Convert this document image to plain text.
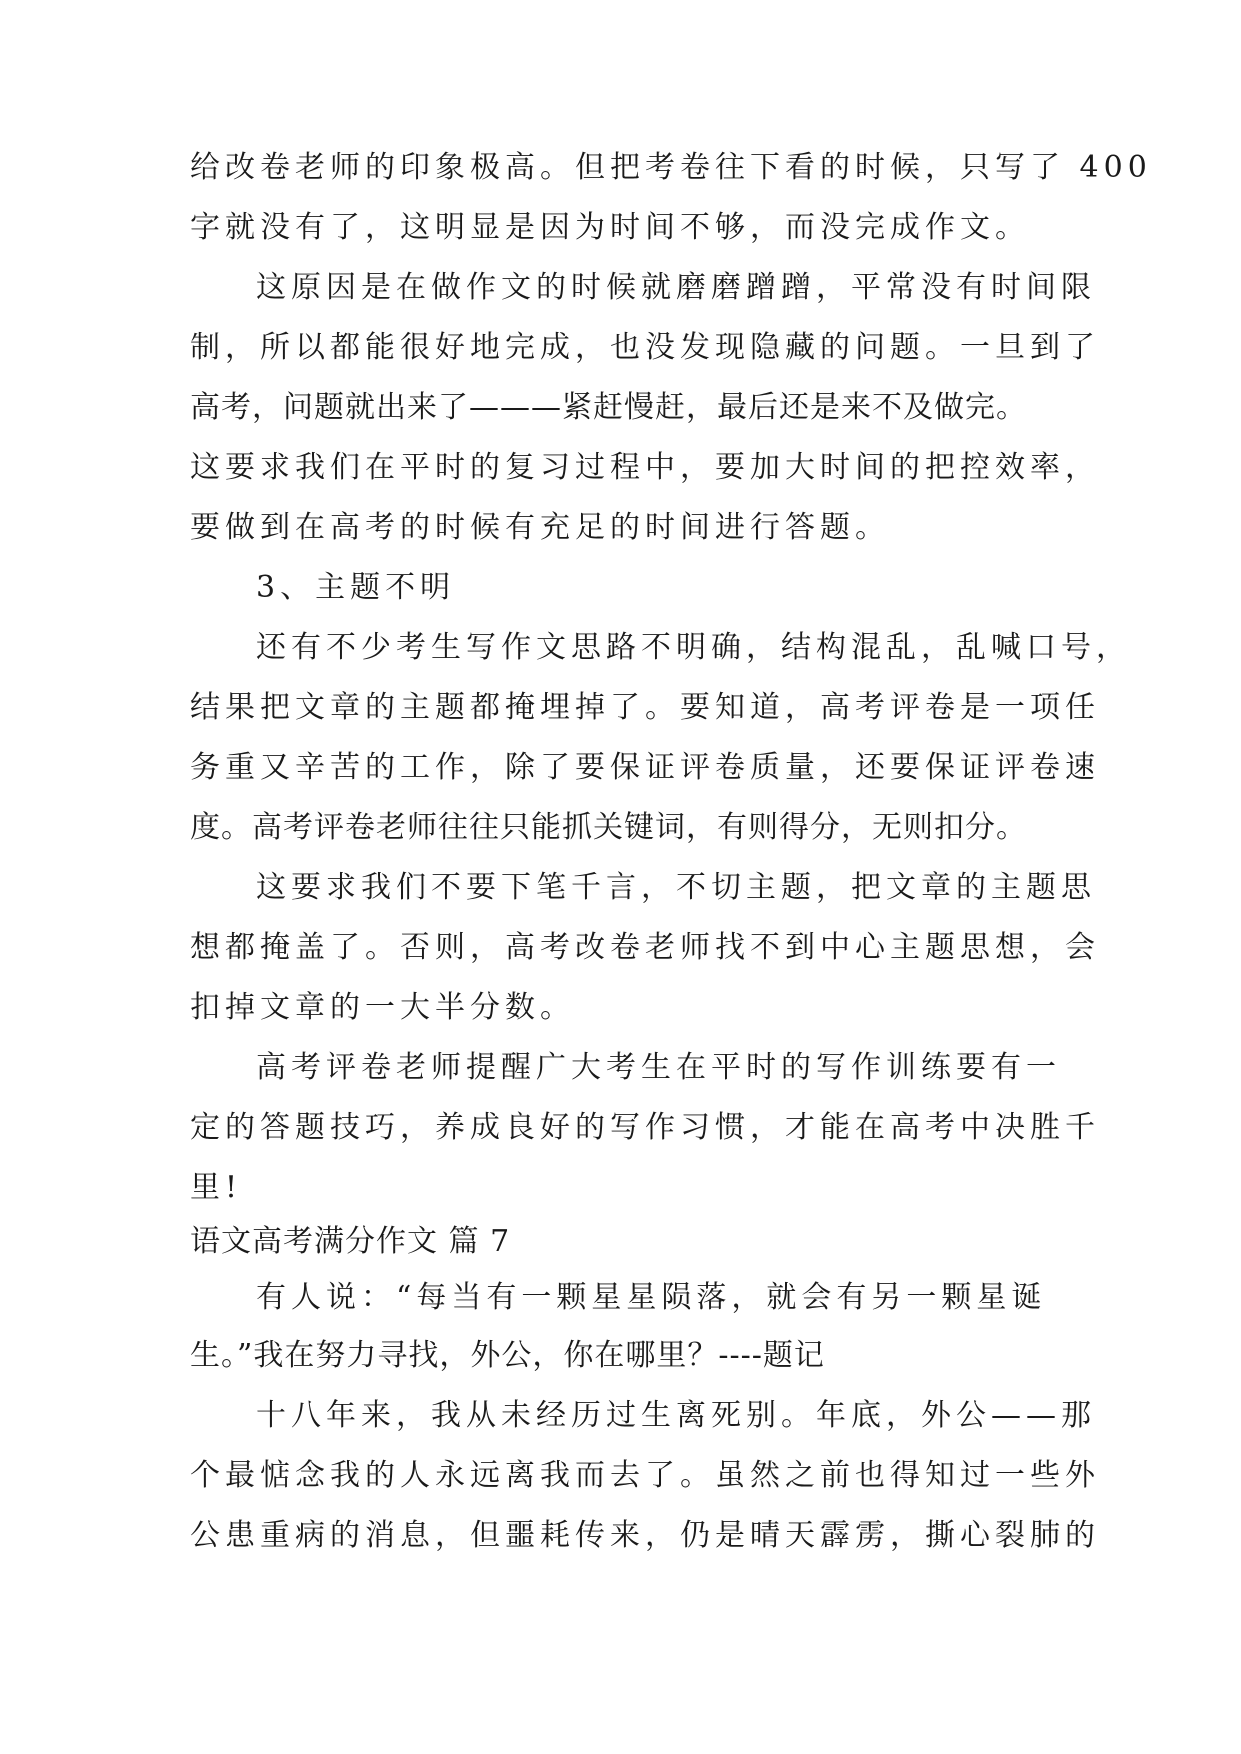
给改卷老师的印象极高。但把考卷往下看的时候，只写了 400
字就没有了，这明显是因为时间不够，而没完成作文。
这原因是在做作文的时候就磨磨蹭蹭，平常没有时间限
制，所以都能很好地完成，也没发现隐藏的问题。一旦到了
高考，问题就出来了———紧赶慢赶，最后还是来不及做完。
这要求我们在平时的复习过程中，要加大时间的把控效率，
要做到在高考的时候有充足的时间进行答题。
3、主题不明
还有不少考生写作文思路不明确，结构混乱，乱喊口号，
结果把文章的主题都掩埋掉了。要知道，高考评卷是一项任
务重又辛苦的工作，除了要保证评卷质量，还要保证评卷速
度。高考评卷老师往往只能抓关键词，有则得分，无则扣分。
这要求我们不要下笔千言，不切主题，把文章的主题思
想都掩盖了。否则，高考改卷老师找不到中心主题思想，会
扣掉文章的一大半分数。
高考评卷老师提醒广大考生在平时的写作训练要有一
定的答题技巧，养成良好的写作习惯，才能在高考中决胜千
里!
语文高考满分作文 篇 7
有人说：“每当有一颗星星陨落，就会有另一颗星诞
生。”我在努力寻找，外公，你在哪里？----题记
十八年来，我从未经历过生离死别。年底，外公——那
个最惦念我的人永远离我而去了。虽然之前也得知过一些外
公患重病的消息，但噩耗传来，仍是晴天霹雳，撕心裂肺的
